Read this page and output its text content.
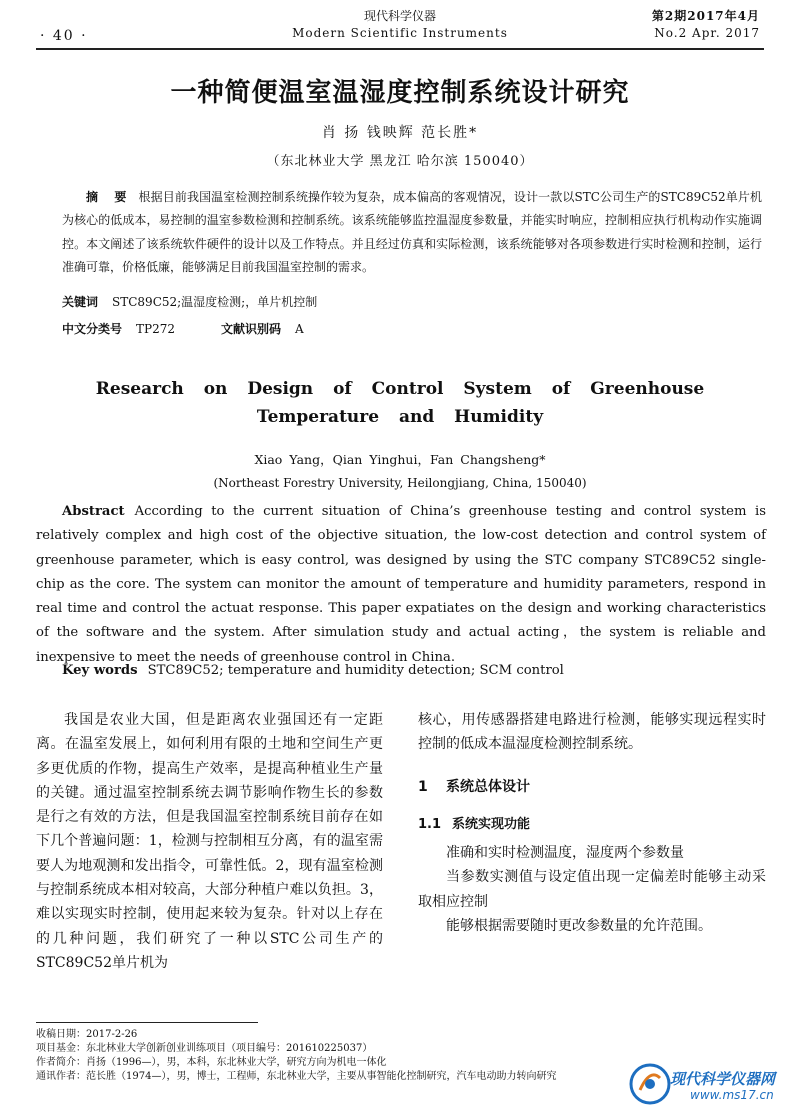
· 40 ·
现代科学仪器
Modern Scientific Instruments
第2期2017年4月
No.2 Apr. 2017
一种简便温室温湿度控制系统设计研究
肖 扬 钱映辉 范长胜*
（东北林业大学 黑龙江 哈尔滨 150040）
摘 要 根据目前我国温室检测控制系统操作较为复杂，成本偏高的客观情况，设计一款以STC公司生产的STC89C52单片机为核心的低成本，易控制的温室参数检测和控制系统。该系统能够监控温湿度参数量，并能实时响应，控制相应执行机构动作实施调控。本文阐述了该系统软件硬件的设计以及工作特点。并且经过仿真和实际检测，该系统能够对各项参数进行实时检测和控制，运行准确可靠，价格低廉，能够满足目前我国温室控制的需求。
关键词 STC89C52;温湿度检测;，单片机控制
中文分类号 TP272	文献识别码 A
Research on Design of Control System of Greenhouse Temperature and Humidity
Xiao Yang，Qian Yinghui，Fan Changsheng*
(Northeast Forestry University, Heilongjiang, China, 150040)
Abstract According to the current situation of China’s greenhouse testing and control system is relatively complex and high cost of the objective situation, the low-cost detection and control system of greenhouse parameter, which is easy control, was designed by using the STC company STC89C52 single-chip as the core. The system can monitor the amount of temperature and humidity parameters, respond in real time and control the actuat response. This paper expatiates on the design and working characteristics of the software and the system. After simulation study and actual acting，the system is reliable and inexpensive to meet the needs of greenhouse control in China.
Key words STC89C52; temperature and humidity detection; SCM control

我国是农业大国，但是距离农业强国还有一定距离。在温室发展上，如何利用有限的土地和空间生产更多更优质的作物，提高生产效率，是提高种植业生产量的关键。通过温室控制系统去调节影响作物生长的参数是行之有效的方法，但是我国温室控制系统目前存在如下几个普遍问题：1，检测与控制相互分离，有的温室需要人为地观测和发出指令，可靠性低。2，现有温室检测与控制系统成本相对较高，大部分种植户难以负担。3，难以实现实时控制，使用起来较为复杂。针对以上存在的几种问题，我们研究了一种以STC公司生产的STC89C52单片机为

核心，用传感器搭建电路进行检测，能够实现远程实时控制的低成本温湿度检测控制系统。

1 系统总体设计

1.1 系统实现功能

准确和实时检测温度，湿度两个参数量

当参数实测值与设定值出现一定偏差时能够主动采取相应控制

能够根据需要随时更改参数量的允许范围。

收稿日期：2017-2-26
项目基金：东北林业大学创新创业训练项目（项目编号：201610225037）
作者简介：肖扬（1996—），男，本科，东北林业大学，研究方向为机电一体化
通讯作者：范长胜（1974—），男，博士，工程师，东北林业大学，主要从事智能化控制研究，汽车电动助力转向研究	现代科学仪器网
www.ms17.cn
